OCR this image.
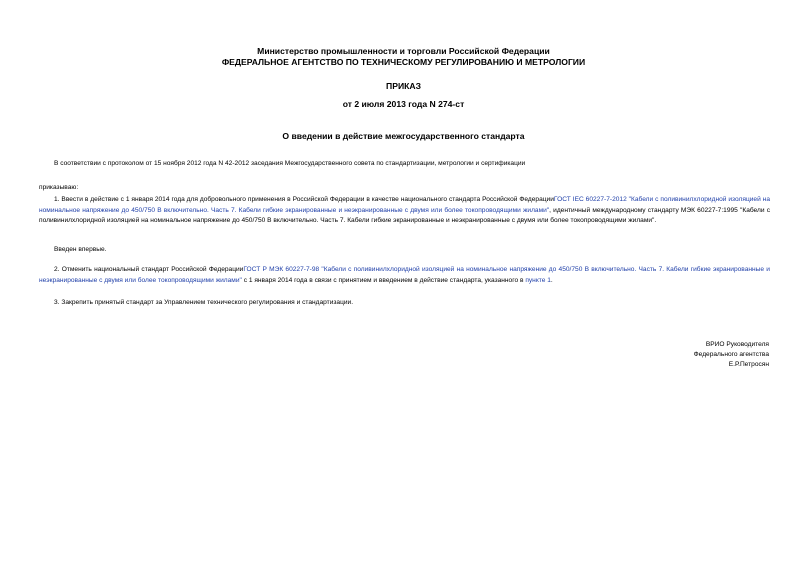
Министерство промышленности и торговли Российской Федерации
ФЕДЕРАЛЬНОЕ АГЕНТСТВО ПО ТЕХНИЧЕСКОМУ РЕГУЛИРОВАНИЮ И МЕТРОЛОГИИ
ПРИКАЗ
от 2 июля 2013 года N 274-ст
О введении в действие межгосударственного стандарта
В соответствии с протоколом от 15 ноября 2012 года N 42-2012 заседания Межгосударственного совета по стандартизации, метрологии и сертификации
приказываю:
1. Ввести в действие с 1 января 2014 года для добровольного применения в Российской Федерации в качестве национального стандарта Российской ФедерацииГОСТ IEC 60227-7-2012 "Кабели с поливинилхлоридной изоляцией на номинальное напряжение до 450/750 В включительно. Часть 7. Кабели гибкие экранированные и неэкранированные с двумя или более токопроводящими жилами", идентичный международному стандарту МЭК 60227-7:1995 "Кабели с поливинилхлоридной изоляцией на номинальное напряжение до 450/750 В включительно. Часть 7. Кабели гибкие экранированные и неэкранированные с двумя или более токопроводящими жилами".
Введен впервые.
2. Отменить национальный стандарт Российской ФедерацииГОСТ Р МЭК 60227-7-98 "Кабели с поливинилхлоридной изоляцией на номинальное напряжение до 450/750 В включительно. Часть 7. Кабели гибкие экранированные и неэкранированные с двумя или более токопроводящими жилами" с 1 января 2014 года в связи с принятием и введением в действие стандарта, указанного в пункте 1.
3. Закрепить принятый стандарт за Управлением технического регулирования и стандартизации.
ВРИО Руководителя
Федерального агентства
Е.Р.Петросян
